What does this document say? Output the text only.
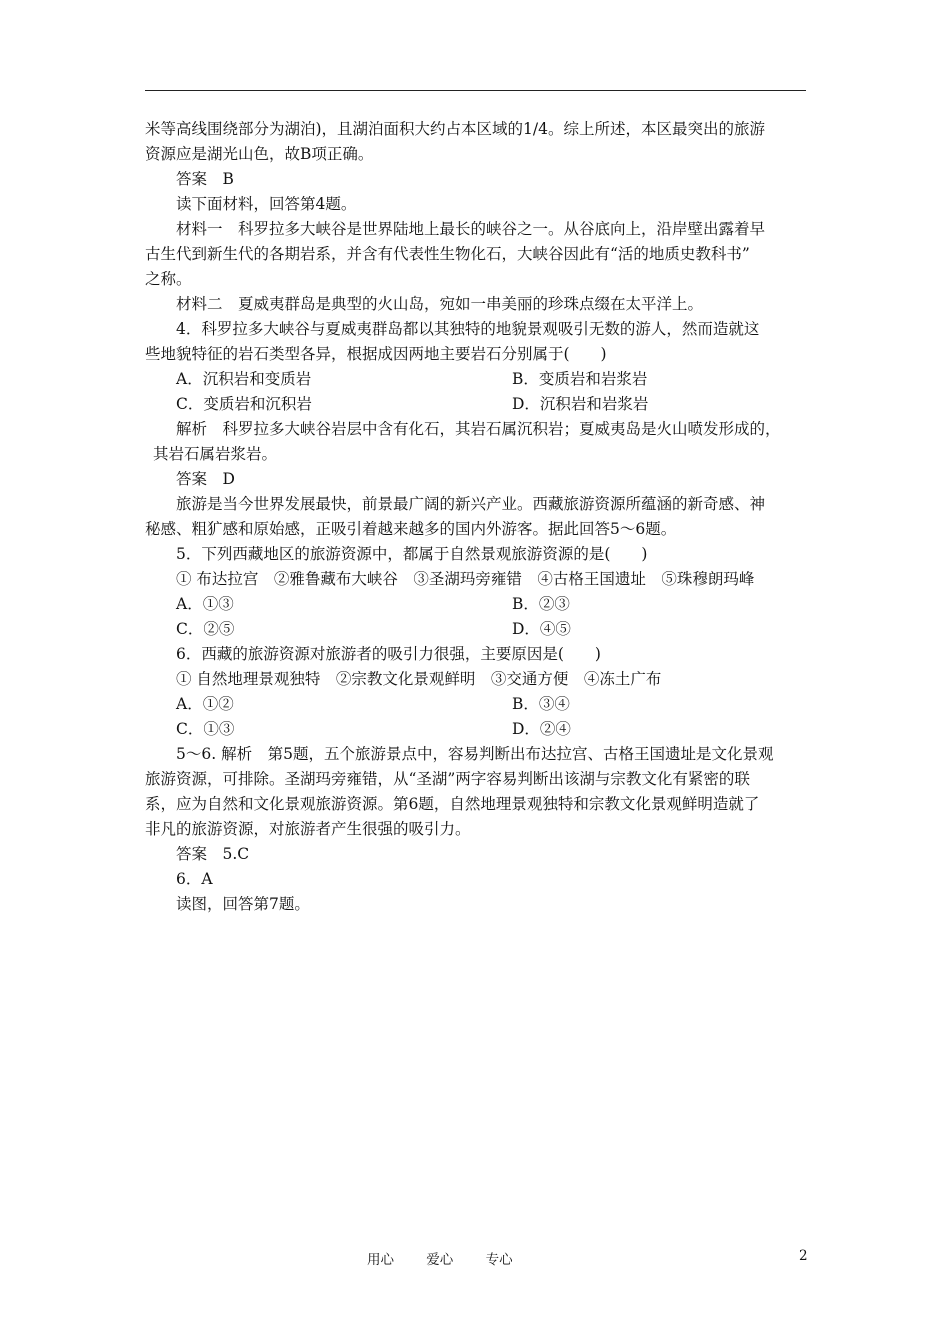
米等高线围绕部分为湖泊)，且湖泊面积大约占本区域的1/4。综上所述，本区最突出的旅游
资源应是湖光山色，故B项正确。
答案　B
读下面材料，回答第4题。
材料一　科罗拉多大峡谷是世界陆地上最长的峡谷之一。从谷底向上，沿岸壁出露着早
古生代到新生代的各期岩系，并含有代表性生物化石，大峡谷因此有“活的地质史教科书”
之称。
材料二　夏威夷群岛是典型的火山岛，宛如一串美丽的珍珠点缀在太平洋上。
4．科罗拉多大峡谷与夏威夷群岛都以其独特的地貌景观吸引无数的游人，然而造就这
些地貌特征的岩石类型各异，根据成因两地主要岩石分别属于(　　)
A．沉积岩和变质岩	B．变质岩和岩浆岩
C．变质岩和沉积岩	D．沉积岩和岩浆岩
解析　科罗拉多大峡谷岩层中含有化石，其岩石属沉积岩；夏威夷岛是火山喷发形成的，
其岩石属岩浆岩。
答案　D
旅游是当今世界发展最快，前景最广阔的新兴产业。西藏旅游资源所蕴涵的新奇感、神
秘感、粗犷感和原始感，正吸引着越来越多的国内外游客。据此回答5～6题。
5．下列西藏地区的旅游资源中，都属于自然景观旅游资源的是(　　)
① 布达拉宫　②雅鲁藏布大峡谷　③圣湖玛旁雍错　④古格王国遗址　⑤珠穆朗玛峰
A．①③	B．②③
C．②⑤	D．④⑤
6．西藏的旅游资源对旅游者的吸引力很强，主要原因是(　　)
① 自然地理景观独特　②宗教文化景观鲜明　③交通方便　④冻土广布
A．①②	B．③④
C．①③	D．②④
5～6. 解析　第5题，五个旅游景点中，容易判断出布达拉宫、古格王国遗址是文化景观
旅游资源，可排除。圣湖玛旁雍错，从“圣湖”两字容易判断出该湖与宗教文化有紧密的联
系，应为自然和文化景观旅游资源。第6题，自然地理景观独特和宗教文化景观鲜明造就了
非凡的旅游资源，对旅游者产生很强的吸引力。
答案　5.C
6．A
读图，回答第7题。
用心 爱心 专心	2
